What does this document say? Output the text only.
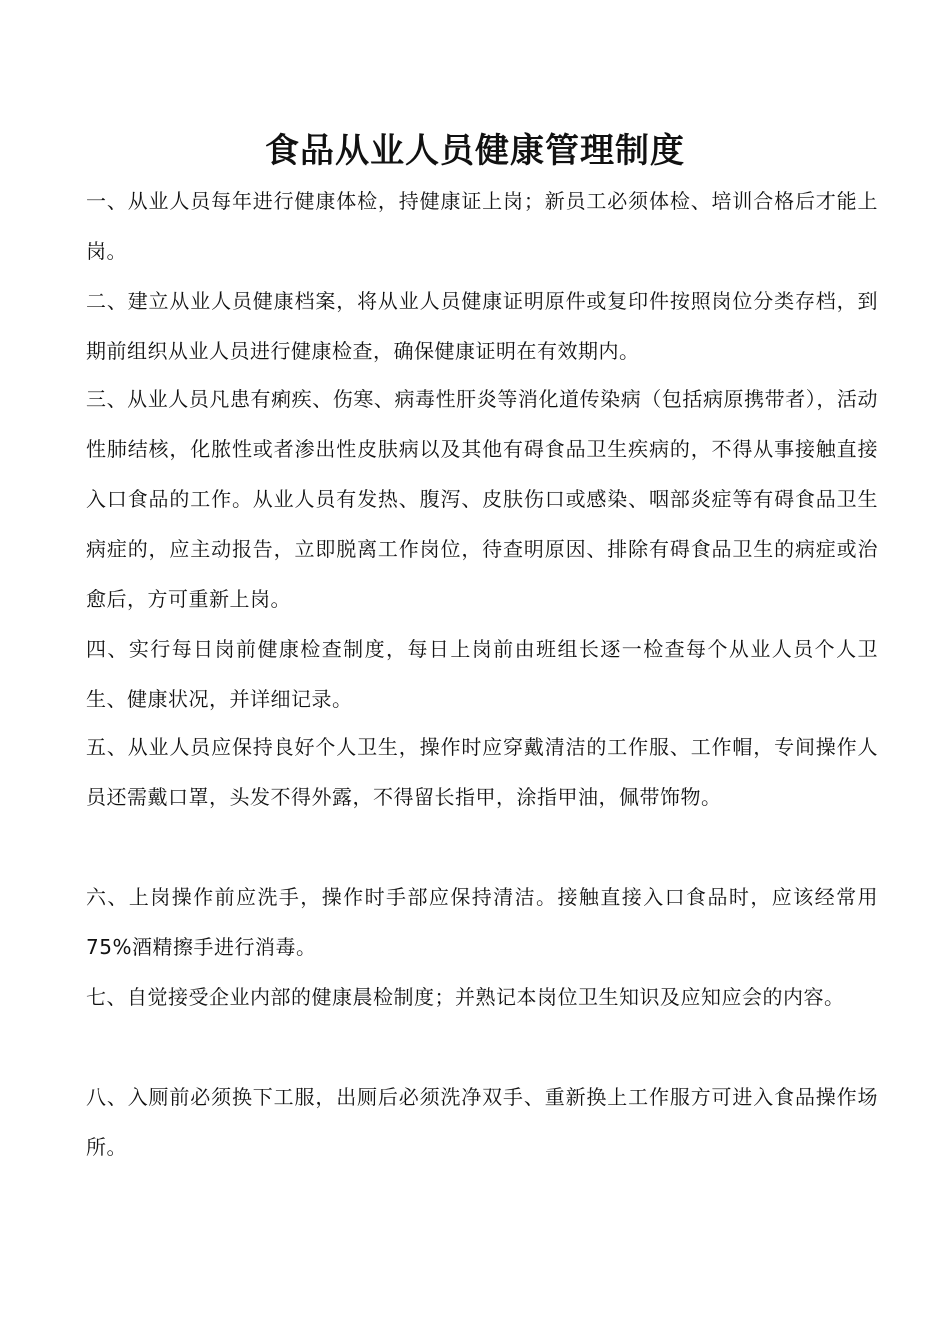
食品从业人员健康管理制度

一、从业人员每年进行健康体检，持健康证上岗；新员工必须体检、培训合格后才能上岗。

二、建立从业人员健康档案，将从业人员健康证明原件或复印件按照岗位分类存档，到期前组织从业人员进行健康检查，确保健康证明在有效期内。

三、从业人员凡患有痢疾、伤寒、病毒性肝炎等消化道传染病（包括病原携带者），活动性肺结核，化脓性或者渗出性皮肤病以及其他有碍食品卫生疾病的，不得从事接触直接入口食品的工作。从业人员有发热、腹泻、皮肤伤口或感染、咽部炎症等有碍食品卫生病症的，应主动报告，立即脱离工作岗位，待查明原因、排除有碍食品卫生的病症或治愈后，方可重新上岗。

四、实行每日岗前健康检查制度，每日上岗前由班组长逐一检查每个从业人员个人卫生、健康状况，并详细记录。

五、从业人员应保持良好个人卫生，操作时应穿戴清洁的工作服、工作帽，专间操作人员还需戴口罩，头发不得外露，不得留长指甲，涂指甲油，佩带饰物。

六、上岗操作前应洗手，操作时手部应保持清洁。接触直接入口食品时，应该经常用75%酒精擦手进行消毒。

七、自觉接受企业内部的健康晨检制度；并熟记本岗位卫生知识及应知应会的内容。

八、入厕前必须换下工服，出厕后必须洗净双手、重新换上工作服方可进入食品操作场所。
